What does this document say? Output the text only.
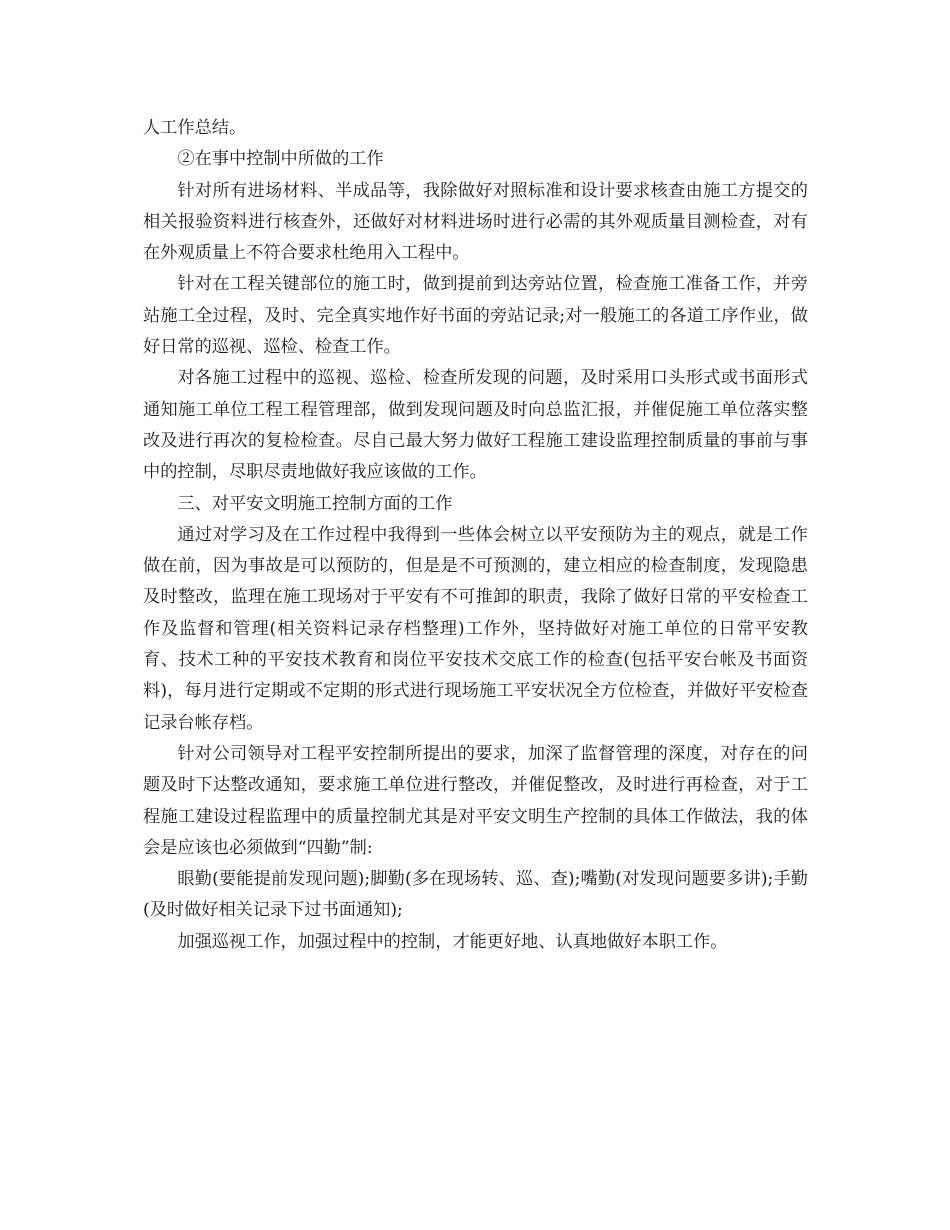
人工作总结。

②在事中控制中所做的工作

针对所有进场材料、半成品等，我除做好对照标准和设计要求核查由施工方提交的相关报验资料进行核查外，还做好对材料进场时进行必需的其外观质量目测检查，对有在外观质量上不符合要求杜绝用入工程中。

针对在工程关键部位的施工时，做到提前到达旁站位置，检查施工准备工作，并旁站施工全过程，及时、完全真实地作好书面的旁站记录;对一般施工的各道工序作业，做好日常的巡视、巡检、检查工作。

对各施工过程中的巡视、巡检、检查所发现的问题，及时采用口头形式或书面形式通知施工单位工程工程管理部，做到发现问题及时向总监汇报，并催促施工单位落实整改及进行再次的复检检查。尽自己最大努力做好工程施工建设监理控制质量的事前与事中的控制，尽职尽责地做好我应该做的工作。

三、对平安文明施工控制方面的工作

通过对学习及在工作过程中我得到一些体会树立以平安预防为主的观点，就是工作做在前，因为事故是可以预防的，但是是不可预测的，建立相应的检查制度，发现隐患及时整改，监理在施工现场对于平安有不可推卸的职责，我除了做好日常的平安检查工作及监督和管理(相关资料记录存档整理)工作外，坚持做好对施工单位的日常平安教育、技术工种的平安技术教育和岗位平安技术交底工作的检查(包括平安台帐及书面资料)，每月进行定期或不定期的形式进行现场施工平安状况全方位检查，并做好平安检查记录台帐存档。

针对公司领导对工程平安控制所提出的要求，加深了监督管理的深度，对存在的问题及时下达整改通知，要求施工单位进行整改，并催促整改，及时进行再检查，对于工程施工建设过程监理中的质量控制尤其是对平安文明生产控制的具体工作做法，我的体会是应该也必须做到“四勤”制:

眼勤(要能提前发现问题);脚勤(多在现场转、巡、查);嘴勤(对发现问题要多讲);手勤(及时做好相关记录下过书面通知);

加强巡视工作，加强过程中的控制，才能更好地、认真地做好本职工作。
